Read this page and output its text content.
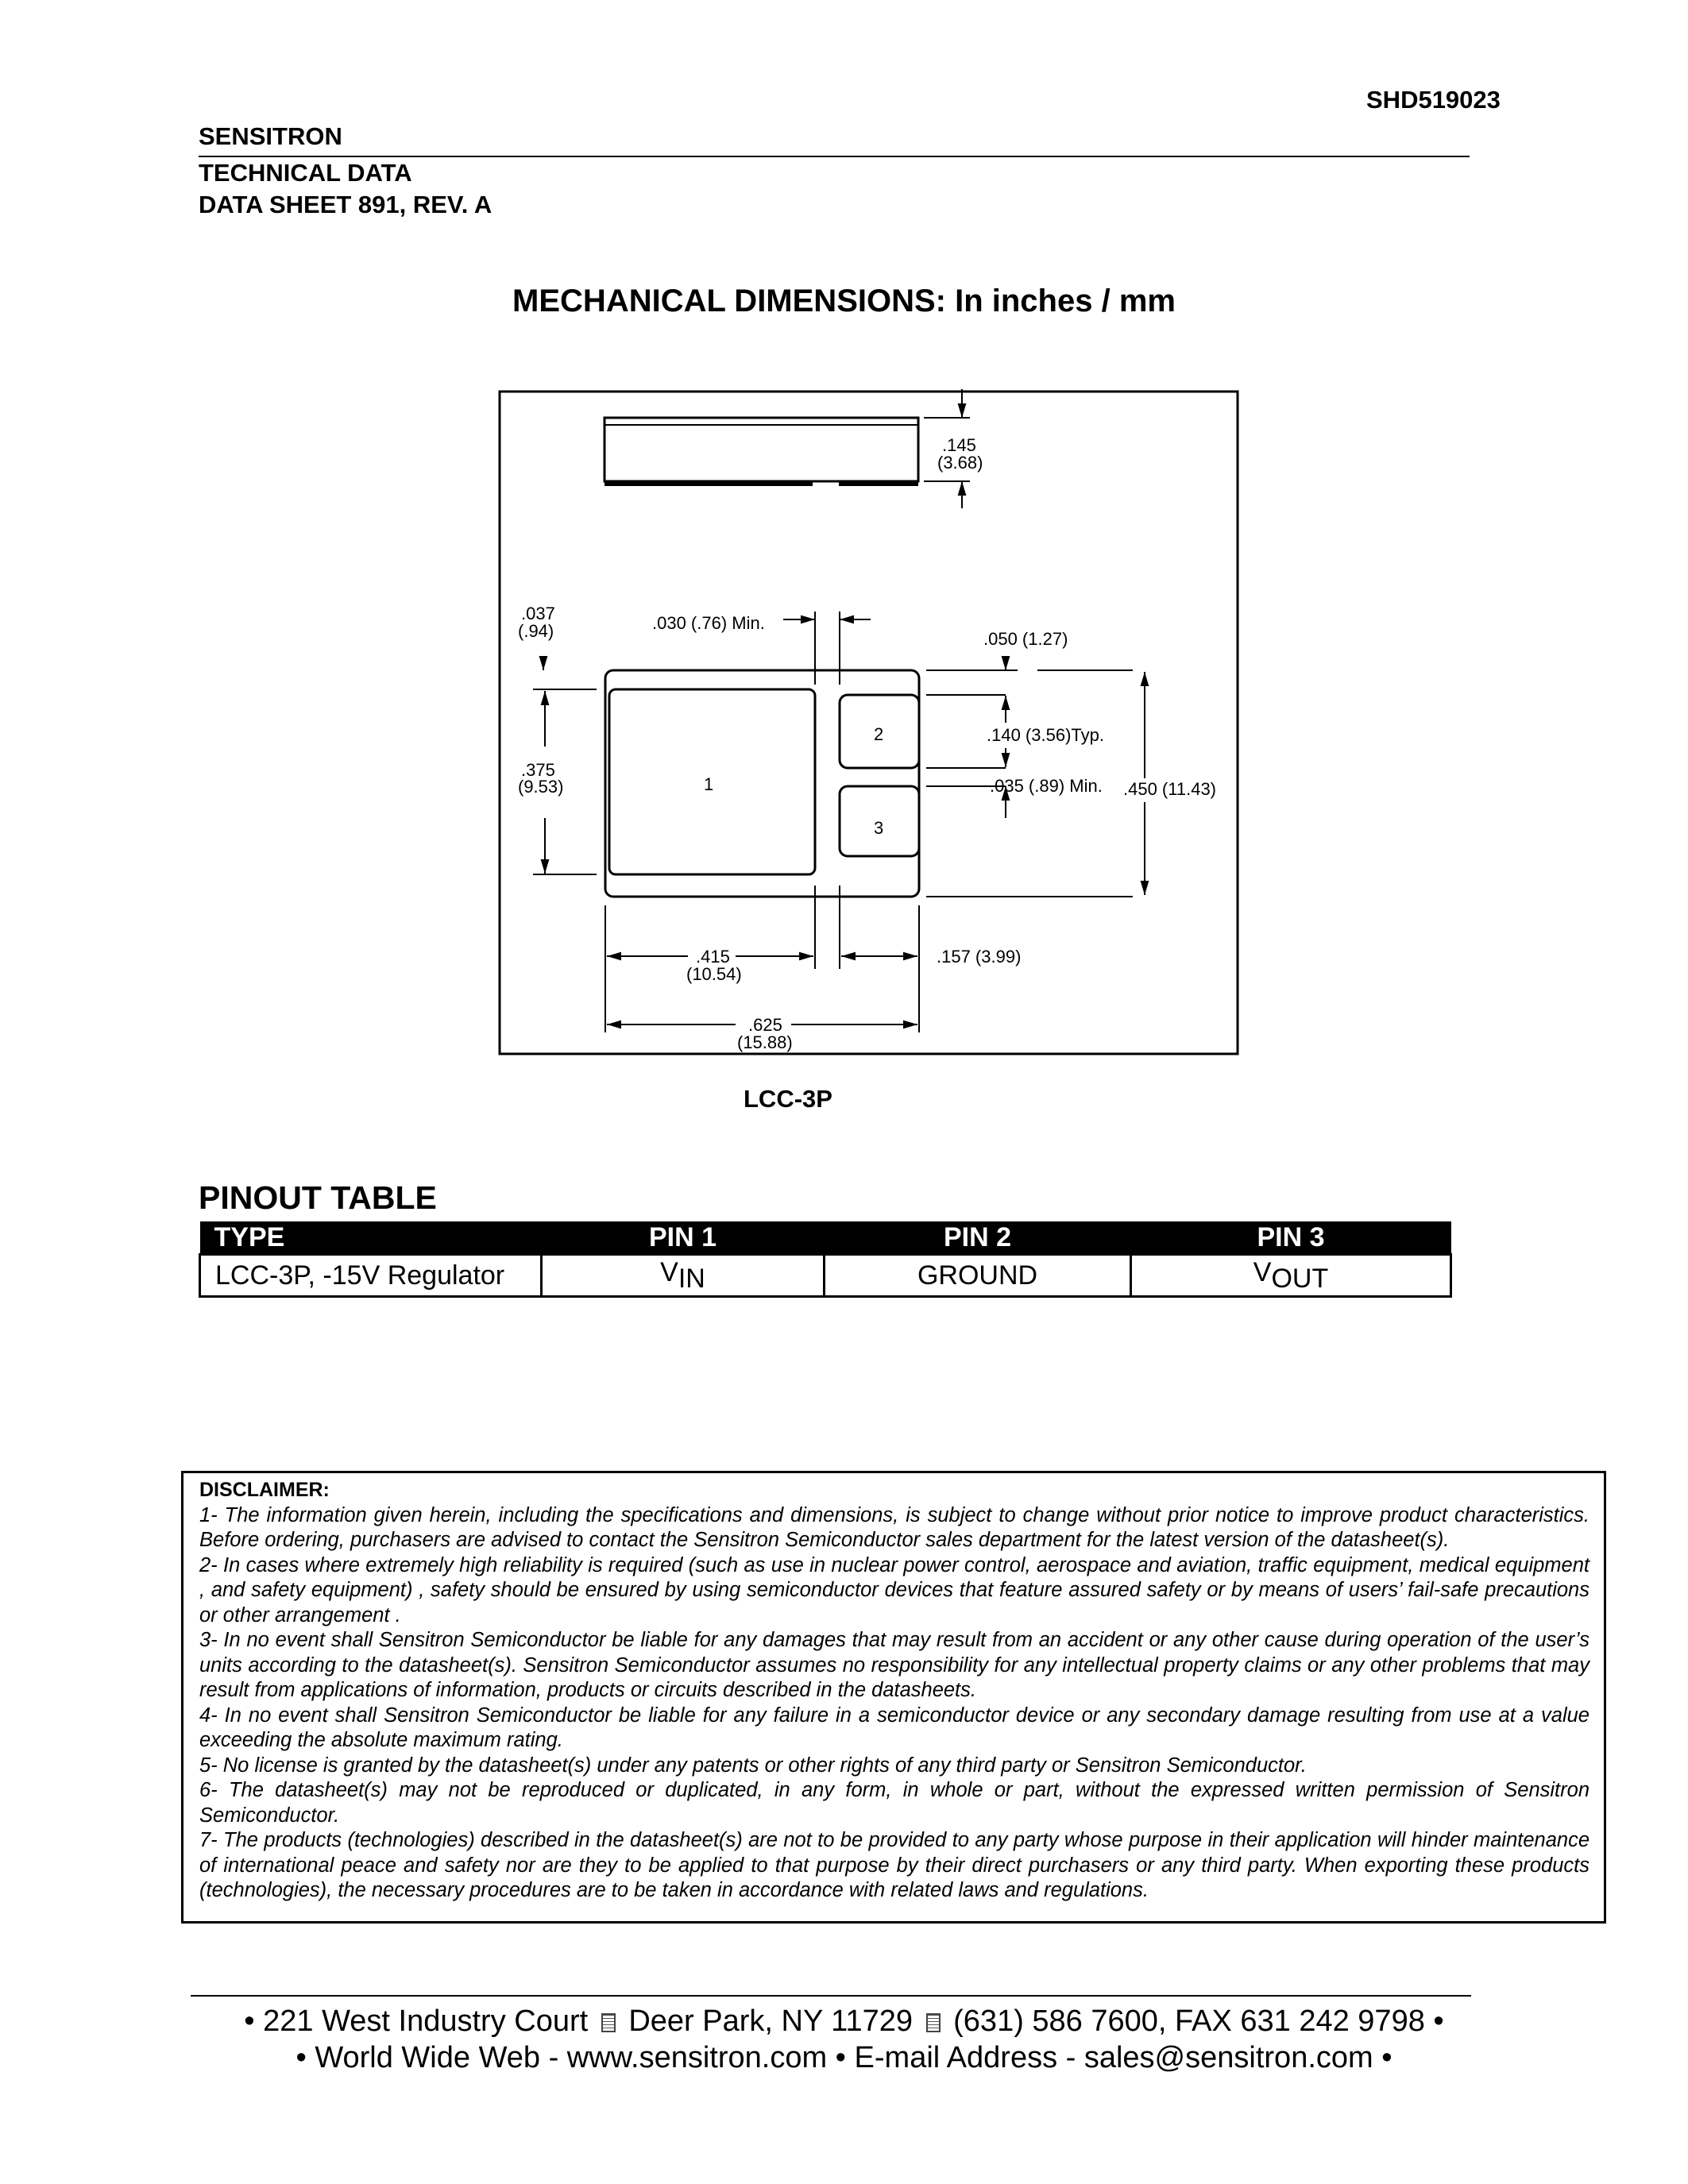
SHD519023
SENSITRON
TECHNICAL DATA
DATA SHEET 891, REV. A
MECHANICAL DIMENSIONS: In inches / mm
.145
(3.68)
1
2
3
.037
(.94)	.030 (.76) Min.
.050 (1.27)
.140 (3.56)Typ.
.375
(9.53)	.035 (.89) Min. .450 (11.43)
.415
(10.54)
.157 (3.99)
.625
(15.88)
LCC-3P
PINOUT TABLE
TYPE	PIN 1	PIN 2	PIN 3
LCC-3P, -15V Regulator	$V_{IN}$	GROUND	$V_{OUT}$
DISCLAIMER:
1- The information given herein, including the specifications and dimensions, is subject to change without prior notice to improve product characteristics. Before ordering, purchasers are advised to contact the Sensitron Semiconductor sales department for the latest version of the datasheet(s).
2- In cases where extremely high reliability is required (such as use in nuclear power control, aerospace and aviation, traffic equipment, medical equipment , and safety equipment) , safety should be ensured by using semiconductor devices that feature assured safety or by means of users’ fail-safe precautions or other arrangement .
3- In no event shall Sensitron Semiconductor be liable for any damages that may result from an accident or any other cause during operation of the user’s units according to the datasheet(s). Sensitron Semiconductor assumes no responsibility for any intellectual property claims or any other problems that may result from applications of information, products or circuits described in the datasheets.
4- In no event shall Sensitron Semiconductor be liable for any failure in a semiconductor device or any secondary damage resulting from use at a value exceeding the absolute maximum rating.
5- No license is granted by the datasheet(s) under any patents or other rights of any third party or Sensitron Semiconductor.
6- The datasheet(s) may not be reproduced or duplicated, in any form, in whole or part, without the expressed written permission of Sensitron Semiconductor.
7- The products (technologies) described in the datasheet(s) are not to be provided to any party whose purpose in their application will hinder maintenance of international peace and safety nor are they to be applied to that purpose by their direct purchasers or any third party. When exporting these products (technologies), the necessary procedures are to be taken in accordance with related laws and regulations.
• 221 West Industry Court Deer Park, NY 11729 (631) 586 7600, FAX 631 242 9798 •
• World Wide Web - www.sensitron.com • E-mail Address - sales@sensitron.com •
